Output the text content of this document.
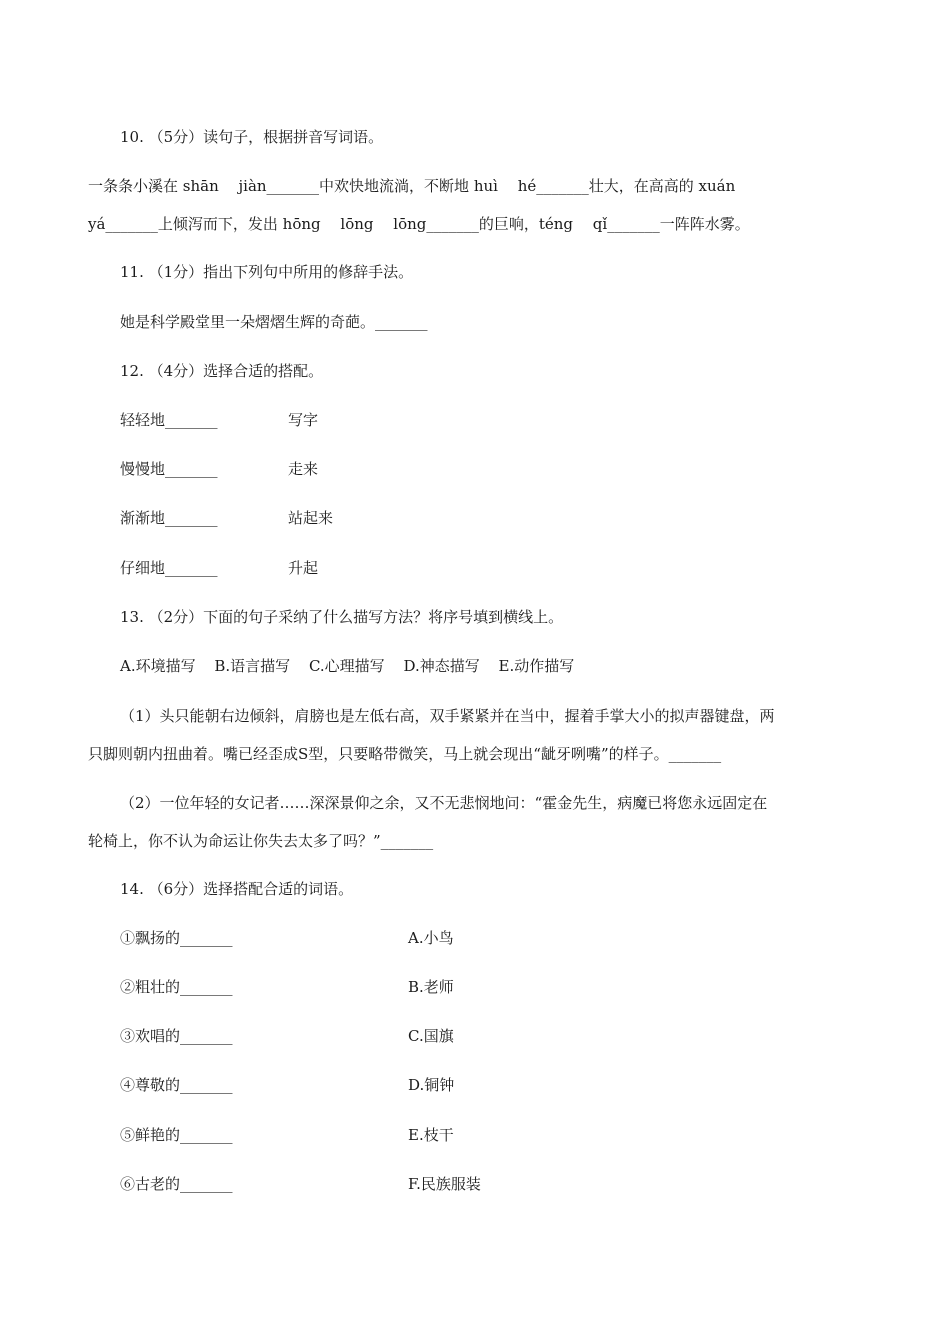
10. （5分）读句子，根据拼音写词语。
一条条小溪在 shān　 jiàn_______中欢快地流淌，不断地 huì　 hé_______壮大，在高高的 xuán
yá_______上倾泻而下，发出 hōng　 lōng　 lōng_______的巨响，téng　 qǐ_______一阵阵水雾。
11. （1分）指出下列句中所用的修辞手法。
她是科学殿堂里一朵熠熠生辉的奇葩。_______
12. （4分）选择合适的搭配。
轻轻地_______	写字
慢慢地_______	走来
渐渐地_______	站起来
仔细地_______	升起
13. （2分）下面的句子采纳了什么描写方法？将序号填到横线上。
A.环境描写 B.语言描写 C.心理描写 D.神态描写 E.动作描写
（1）头只能朝右边倾斜，肩膀也是左低右高，双手紧紧并在当中，握着手掌大小的拟声器键盘，两
只脚则朝内扭曲着。嘴已经歪成S型，只要略带微笑，马上就会现出“龇牙咧嘴”的样子。_______
（2）一位年轻的女记者……深深景仰之余，又不无悲悯地问：“霍金先生，病魔已将您永远固定在
轮椅上，你不认为命运让你失去太多了吗？”_______
14. （6分）选择搭配合适的词语。
①飘扬的_______	A.小鸟
②粗壮的_______	B.老师
③欢唱的_______	C.国旗
④尊敬的_______	D.铜钟
⑤鲜艳的_______	E.枝干
⑥古老的_______	F.民族服装
